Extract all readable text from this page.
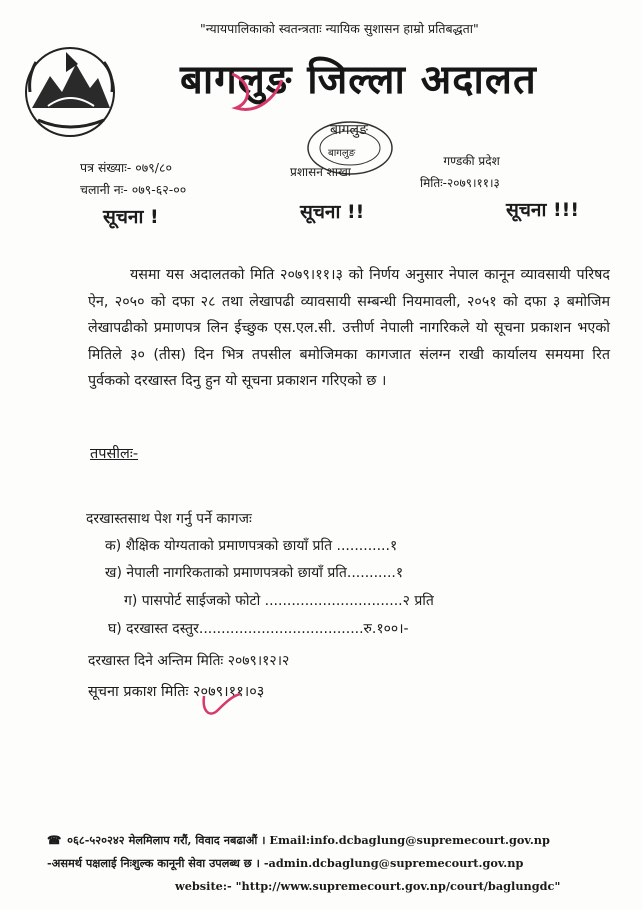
"न्यायपालिकाको स्वतन्त्रताः न्यायिक सुशासन हाम्रो प्रतिबद्धता"
बागलुङ जिल्ला अदालत
बागलुङ
बागलुङ
पत्र संख्याः- ०७९/८०
चलानी नः- ०७९-६२-००
प्रशासन शाखा
गण्डकी प्रदेश
मितिः-२०७९।११।३
सूचना !	सूचना !!	सूचना !!!
यसमा यस अदालतको मिति २०७९।११।३ को निर्णय अनुसार नेपाल कानून व्यावसायी परिषद ऐन, २०५० को दफा २८ तथा लेखापढी व्यावसायी सम्बन्धी नियमावली, २०५१ को दफा ३ बमोजिम लेखापढीको प्रमाणपत्र लिन ईच्छुक एस.एल.सी. उत्तीर्ण नेपाली नागरिकले यो सूचना प्रकाशन भएको मितिले ३० (तीस) दिन भित्र तपसील बमोजिमका कागजात संलग्न राखी कार्यालय समयमा रित पुर्वकको दरखास्त दिनु हुन यो सूचना प्रकाशन गरिएको छ ।
तपसीलः-
दरखास्तसाथ पेश गर्नु पर्ने कागजः
क) शैक्षिक योग्यताको प्रमाणपत्रको छायाँ प्रति ............१
ख) नेपाली नागरिकताको प्रमाणपत्रको छायाँ प्रति...........१
ग) पासपोर्ट साईजको फोटो ...............................२ प्रति
घ) दरखास्त दस्तुर.....................................रु.१००।-
दरखास्त दिने अन्तिम मितिः २०७९।१२।२
सूचना प्रकाश मितिः २०७९।११।०३
☎ ०६८-५२०२४२ मेलमिलाप गरौं, विवाद नबढाऔं । Email:info.dcbaglung@supremecourt.gov.np
-असमर्थ पक्षलाई निःशुल्क कानूनी सेवा उपलब्ध छ । -admin.dcbaglung@supremecourt.gov.np
website:- "http://www.supremecourt.gov.np/court/baglungdc"
